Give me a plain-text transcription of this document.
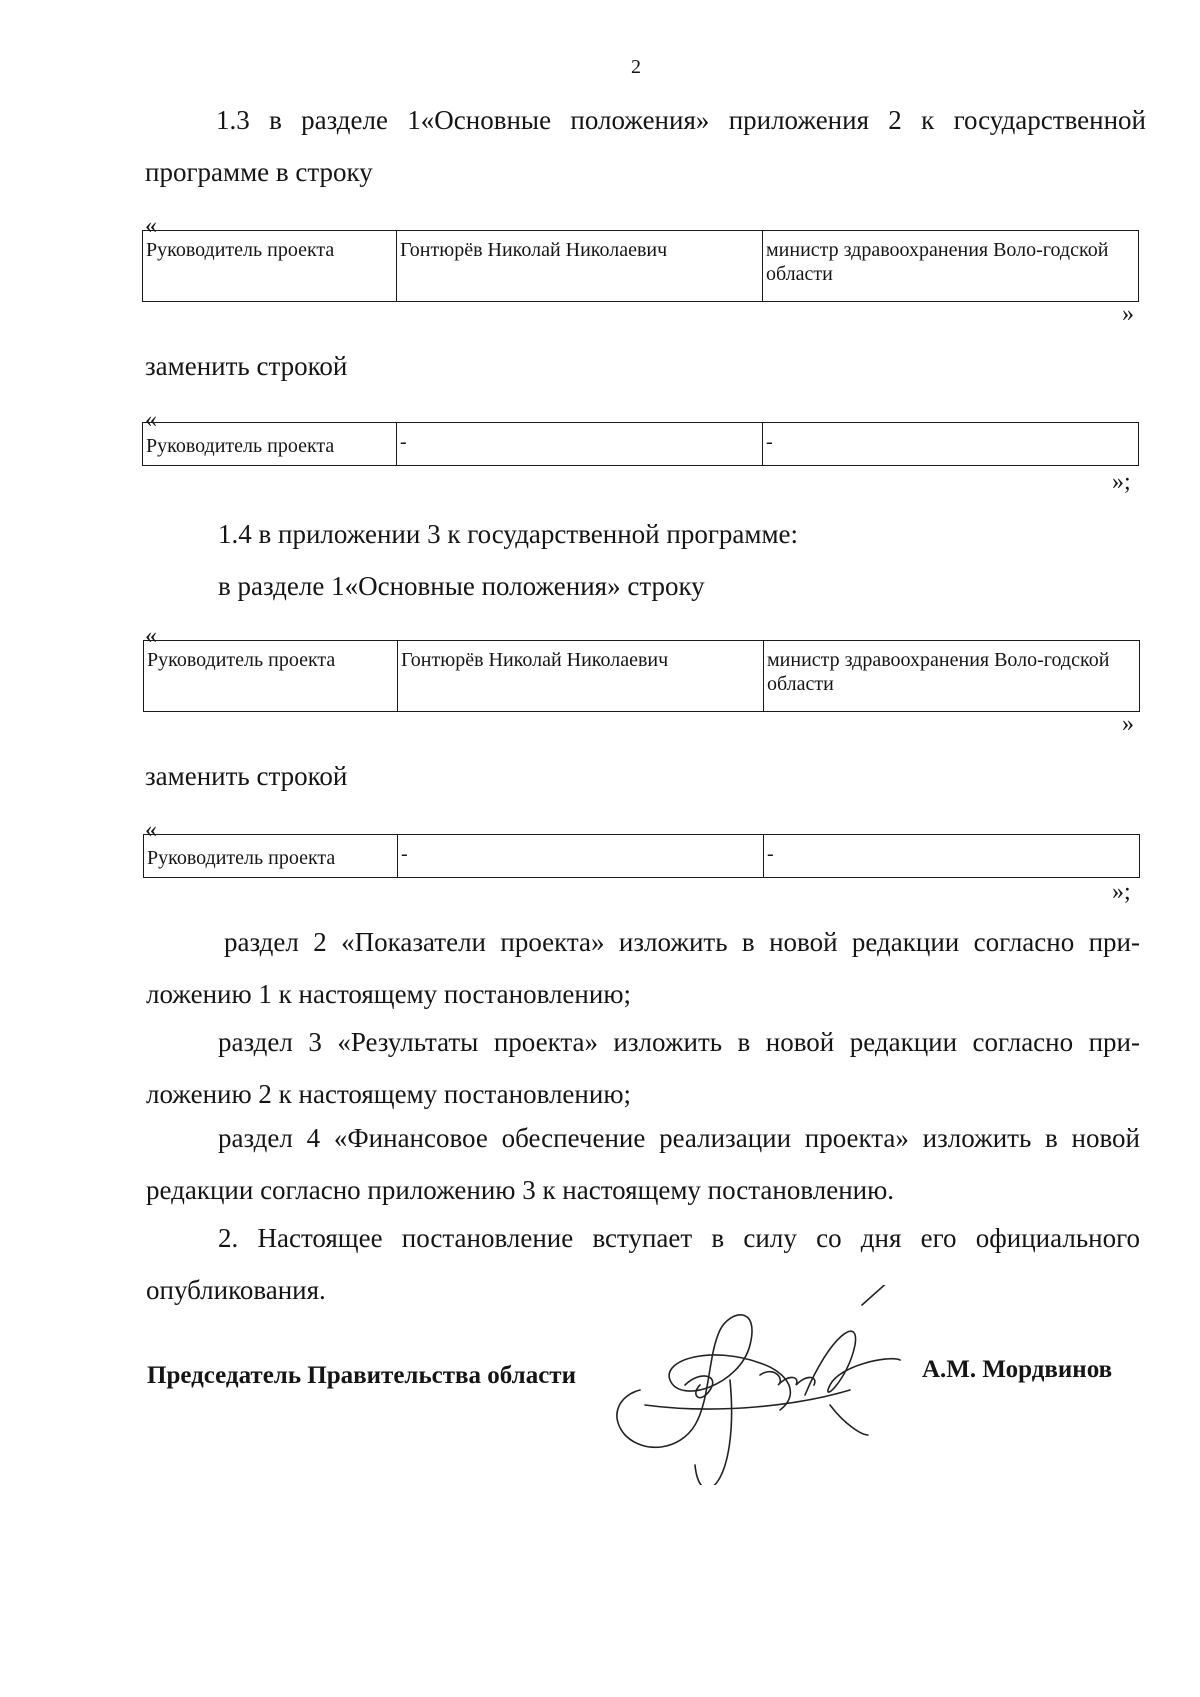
2

1.3 в разделе 1«Основные положения» приложения 2 к государственной

программе в строку

«
Руководитель проекта	Гонтюрёв Николай Николаевич	министр здравоохранения Воло-годской области
»

заменить строкой

«
Руководитель проекта	-	-
»;

1.4 в приложении 3 к государственной программе:

в разделе 1«Основные положения» строку

«
Руководитель проекта	Гонтюрёв Николай Николаевич	министр здравоохранения Воло-годской области
»

заменить строкой

«
Руководитель проекта	-	-
»;

раздел 2 «Показатели проекта» изложить в новой редакции согласно при-

ложению 1 к настоящему постановлению;

раздел 3 «Результаты проекта» изложить в новой редакции согласно при-

ложению 2 к настоящему постановлению;

раздел 4 «Финансовое обеспечение реализации проекта» изложить в новой

редакции согласно приложению 3 к настоящему постановлению.

2. Настоящее постановление вступает в силу со дня его официального

опубликования.

Председатель Правительства области	А.М. Мордвинов
